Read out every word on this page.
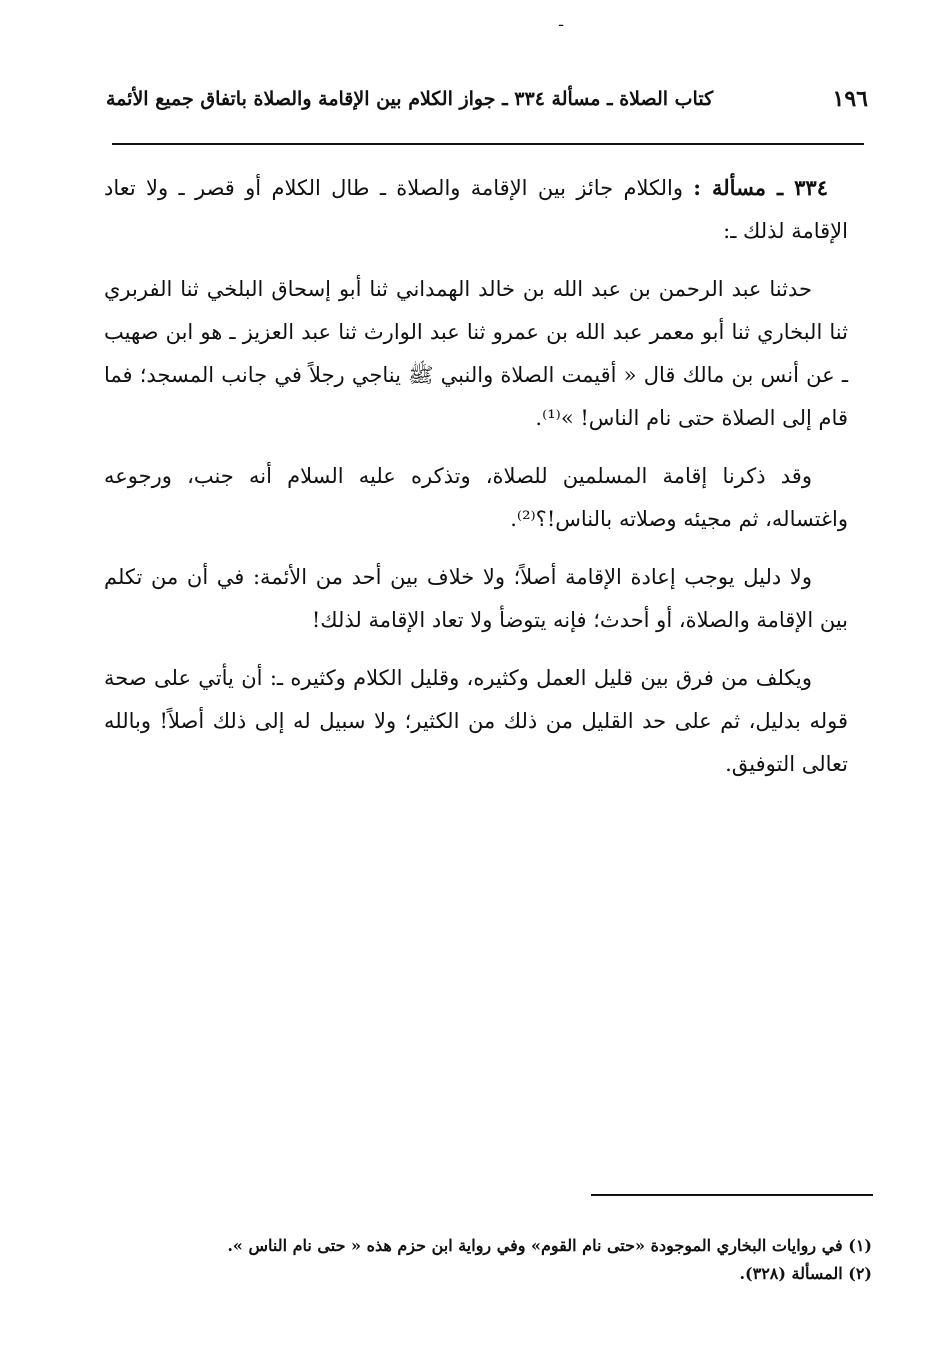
ـ
١٩٦
كتاب الصلاة ـ مسألة ٣٣٤ ـ جواز الكلام بين الإقامة والصلاة باتفاق جميع الأئمة

٣٣٤ ـ مسألة : والكلام جائز بين الإقامة والصلاة ـ طال الكلام أو قصر ـ ولا تعاد الإقامة لذلك ـ:

حدثنا عبد الرحمن بن عبد الله بن خالد الهمداني ثنا أبو إسحاق البلخي ثنا الفربري ثنا البخاري ثنا أبو معمر عبد الله بن عمرو ثنا عبد الوارث ثنا عبد العزيز ـ هو ابن صهيب ـ عن أنس بن مالك قال « أقيمت الصلاة والنبي ﷺ يناجي رجلاً في جانب المسجد؛ فما قام إلى الصلاة حتى نام الناس! »⁽¹⁾.

وقد ذكرنا إقامة المسلمين للصلاة، وتذكره عليه السلام أنه جنب، ورجوعه واغتساله، ثم مجيئه وصلاته بالناس!؟⁽²⁾.

ولا دليل يوجب إعادة الإقامة أصلاً؛ ولا خلاف بين أحد من الأئمة: في أن من تكلم بين الإقامة والصلاة، أو أحدث؛ فإنه يتوضأ ولا تعاد الإقامة لذلك!

ويكلف من فرق بين قليل العمل وكثيره، وقليل الكلام وكثيره ـ: أن يأتي على صحة قوله بدليل، ثم على حد القليل من ذلك من الكثير؛ ولا سبيل له إلى ذلك أصلاً! وبالله تعالى التوفيق.

(١) في روايات البخاري الموجودة «حتى نام القوم» وفي رواية ابن حزم هذه « حتى نام الناس ».

(٢) المسألة (٣٢٨).
